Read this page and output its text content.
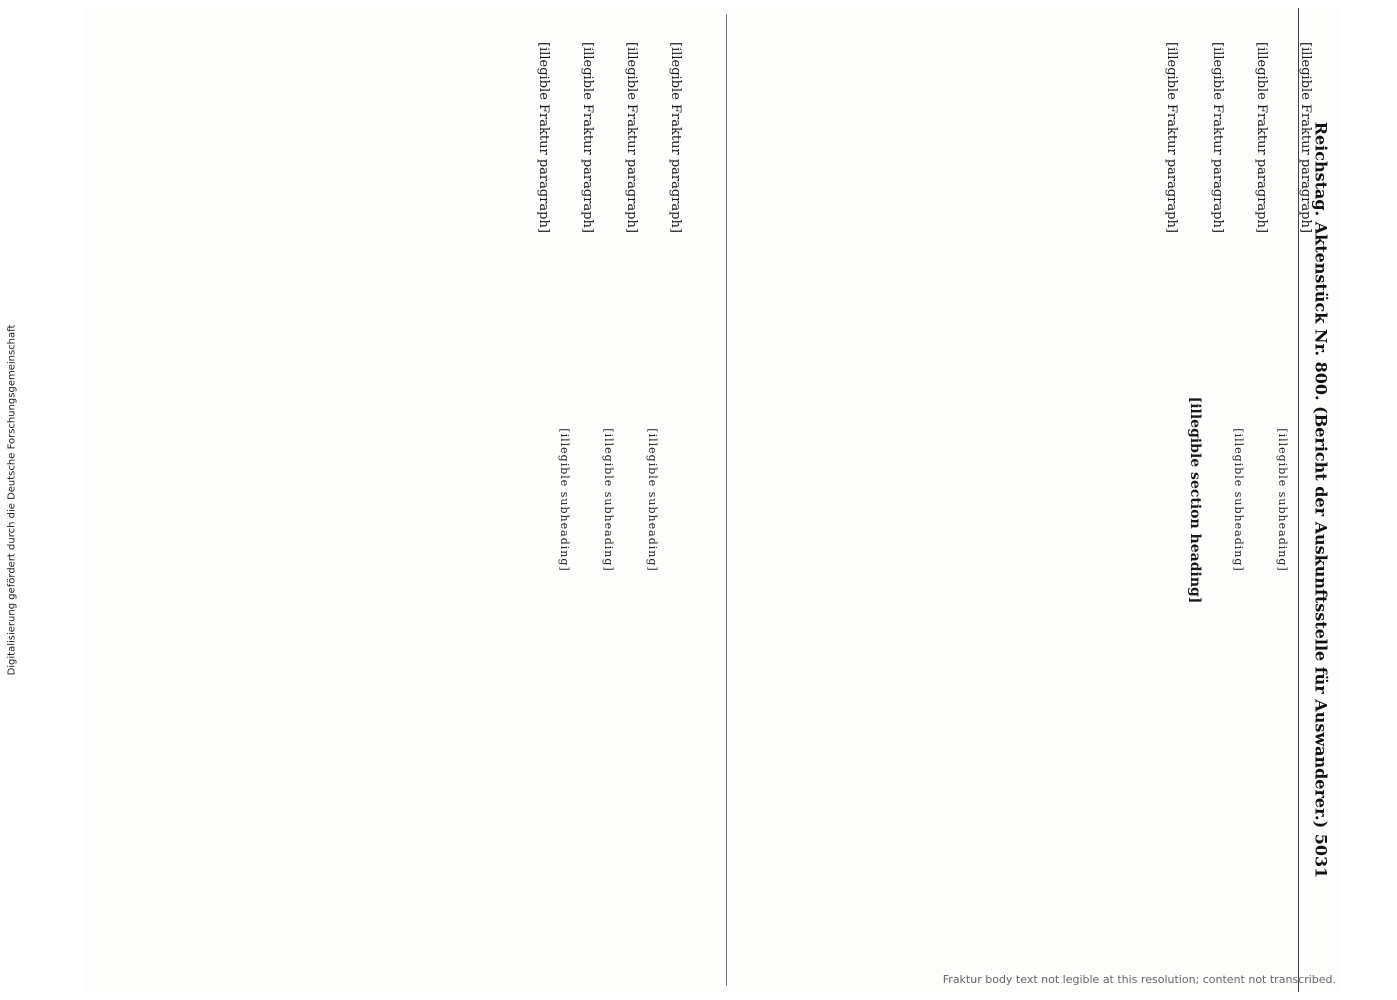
Digitalisierung gefördert durch die Deutsche Forschungsgemeinschaft	Reichstag. Aktenstück Nr. 800. (Bericht der Auskunftsstelle für Auswanderer.) 5031

[illegible Fraktur paragraph]

[illegible subheading]

[illegible Fraktur paragraph]

[illegible subheading]

[illegible Fraktur paragraph]

[illegible section heading]

[illegible Fraktur paragraph]

[illegible Fraktur paragraph]

[illegible subheading]

[illegible Fraktur paragraph]

[illegible subheading]

[illegible Fraktur paragraph]

[illegible subheading]

[illegible Fraktur paragraph]

Fraktur body text not legible at this resolution; content not transcribed.
